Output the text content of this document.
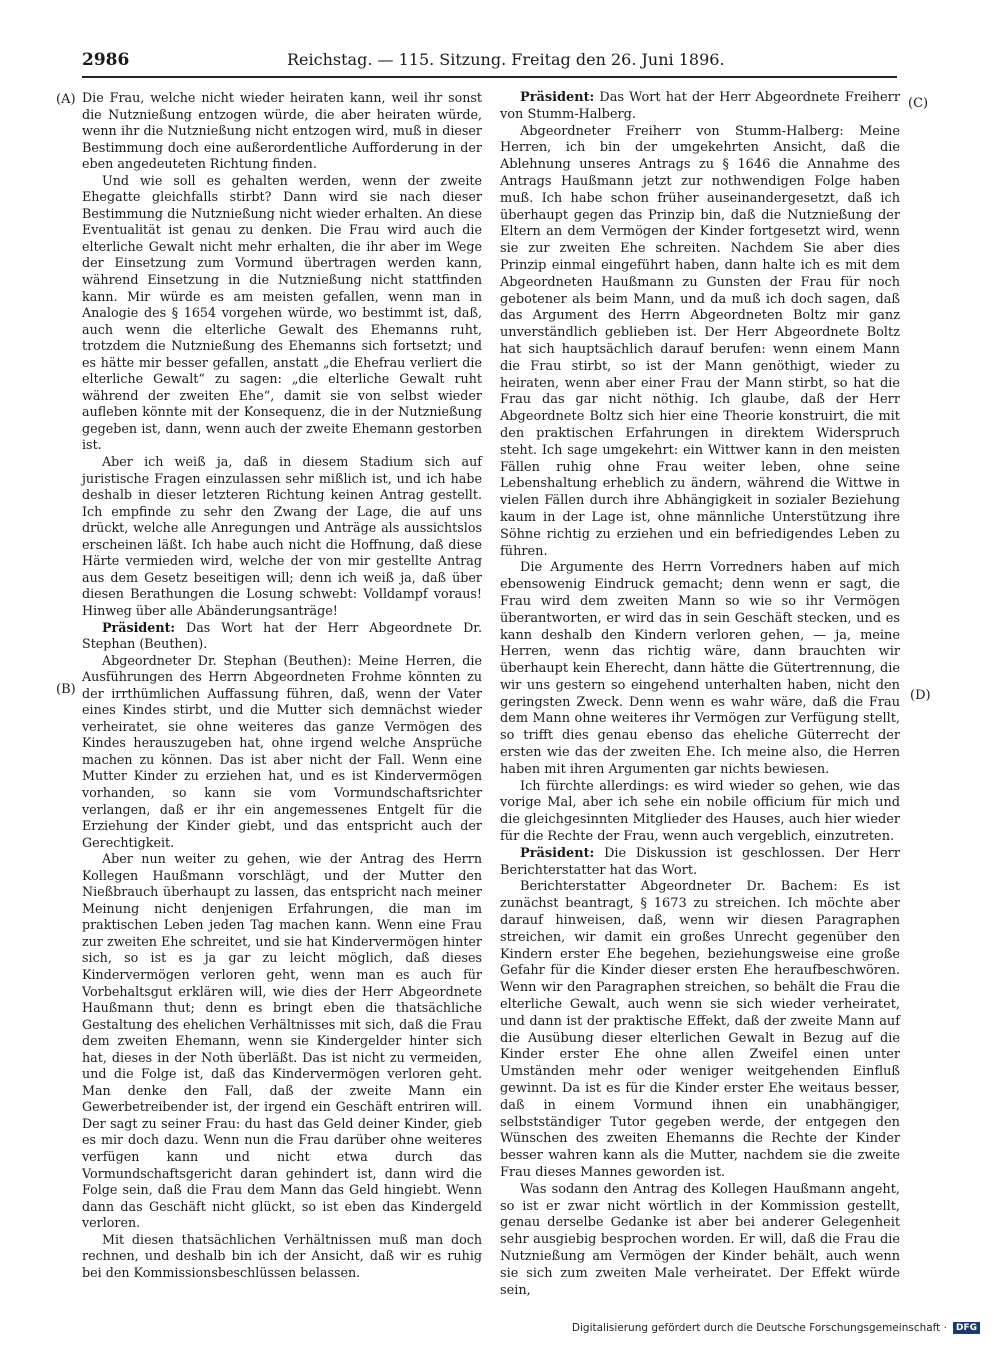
2986	Reichstag. — 115. Sitzung. Freitag den 26. Juni 1896.
(A)
(B)
(C)
(D)

Die Frau, welche nicht wieder heiraten kann, weil ihr sonst die Nutznießung entzogen würde, die aber heiraten würde, wenn ihr die Nutznießung nicht entzogen wird, muß in dieser Bestimmung doch eine außerordentliche Aufforderung in der eben angedeuteten Richtung finden.

Und wie soll es gehalten werden, wenn der zweite Ehegatte gleichfalls stirbt? Dann wird sie nach dieser Bestimmung die Nutznießung nicht wieder erhalten. An diese Eventualität ist genau zu denken. Die Frau wird auch die elterliche Gewalt nicht mehr erhalten, die ihr aber im Wege der Einsetzung zum Vormund übertragen werden kann, während Einsetzung in die Nutznießung nicht stattfinden kann. Mir würde es am meisten gefallen, wenn man in Analogie des § 1654 vorgehen würde, wo bestimmt ist, daß, auch wenn die elterliche Gewalt des Ehemanns ruht, trotzdem die Nutznießung des Ehemanns sich fortsetzt; und es hätte mir besser gefallen, anstatt „die Ehefrau verliert die elterliche Gewalt“ zu sagen: „die elterliche Gewalt ruht während der zweiten Ehe“, damit sie von selbst wieder aufleben könnte mit der Konsequenz, die in der Nutznießung gegeben ist, dann, wenn auch der zweite Ehemann gestorben ist.

Aber ich weiß ja, daß in diesem Stadium sich auf juristische Fragen einzulassen sehr mißlich ist, und ich habe deshalb in dieser letzteren Richtung keinen Antrag gestellt. Ich empfinde zu sehr den Zwang der Lage, die auf uns drückt, welche alle Anregungen und Anträge als aussichtslos erscheinen läßt. Ich habe auch nicht die Hoffnung, daß diese Härte vermieden wird, welche der von mir gestellte Antrag aus dem Gesetz beseitigen will; denn ich weiß ja, daß über diesen Berathungen die Losung schwebt: Volldampf voraus! Hinweg über alle Abänderungsanträge!

Präsident: Das Wort hat der Herr Abgeordnete Dr. Stephan (Beuthen).

Abgeordneter Dr. Stephan (Beuthen): Meine Herren, die Ausführungen des Herrn Abgeordneten Frohme könnten zu der irrthümlichen Auffassung führen, daß, wenn der Vater eines Kindes stirbt, und die Mutter sich demnächst wieder verheiratet, sie ohne weiteres das ganze Vermögen des Kindes herauszugeben hat, ohne irgend welche Ansprüche machen zu können. Das ist aber nicht der Fall. Wenn eine Mutter Kinder zu erziehen hat, und es ist Kindervermögen vorhanden, so kann sie vom Vormundschaftsrichter verlangen, daß er ihr ein angemessenes Entgelt für die Erziehung der Kinder giebt, und das entspricht auch der Gerechtigkeit.

Aber nun weiter zu gehen, wie der Antrag des Herrn Kollegen Haußmann vorschlägt, und der Mutter den Nießbrauch überhaupt zu lassen, das entspricht nach meiner Meinung nicht denjenigen Erfahrungen, die man im praktischen Leben jeden Tag machen kann. Wenn eine Frau zur zweiten Ehe schreitet, und sie hat Kindervermögen hinter sich, so ist es ja gar zu leicht möglich, daß dieses Kindervermögen verloren geht, wenn man es auch für Vorbehaltsgut erklären will, wie dies der Herr Abgeordnete Haußmann thut; denn es bringt eben die thatsächliche Gestaltung des ehelichen Verhältnisses mit sich, daß die Frau dem zweiten Ehemann, wenn sie Kindergelder hinter sich hat, dieses in der Noth überläßt. Das ist nicht zu vermeiden, und die Folge ist, daß das Kindervermögen verloren geht. Man denke den Fall, daß der zweite Mann ein Gewerbetreibender ist, der irgend ein Geschäft entriren will. Der sagt zu seiner Frau: du hast das Geld deiner Kinder, gieb es mir doch dazu. Wenn nun die Frau darüber ohne weiteres verfügen kann und nicht etwa durch das Vormundschaftsgericht daran gehindert ist, dann wird die Folge sein, daß die Frau dem Mann das Geld hingiebt. Wenn dann das Geschäft nicht glückt, so ist eben das Kindergeld verloren.

Mit diesen thatsächlichen Verhältnissen muß man doch rechnen, und deshalb bin ich der Ansicht, daß wir es ruhig bei den Kommissionsbeschlüssen belassen.

Präsident: Das Wort hat der Herr Abgeordnete Freiherr von Stumm-Halberg.

Abgeordneter Freiherr von Stumm-Halberg: Meine Herren, ich bin der umgekehrten Ansicht, daß die Ablehnung unseres Antrags zu § 1646 die Annahme des Antrags Haußmann jetzt zur nothwendigen Folge haben muß. Ich habe schon früher auseinandergesetzt, daß ich überhaupt gegen das Prinzip bin, daß die Nutznießung der Eltern an dem Vermögen der Kinder fortgesetzt wird, wenn sie zur zweiten Ehe schreiten. Nachdem Sie aber dies Prinzip einmal eingeführt haben, dann halte ich es mit dem Abgeordneten Haußmann zu Gunsten der Frau für noch gebotener als beim Mann, und da muß ich doch sagen, daß das Argument des Herrn Abgeordneten Boltz mir ganz unverständlich geblieben ist. Der Herr Abgeordnete Boltz hat sich hauptsächlich darauf berufen: wenn einem Mann die Frau stirbt, so ist der Mann genöthigt, wieder zu heiraten, wenn aber einer Frau der Mann stirbt, so hat die Frau das gar nicht nöthig. Ich glaube, daß der Herr Abgeordnete Boltz sich hier eine Theorie konstruirt, die mit den praktischen Erfahrungen in direktem Widerspruch steht. Ich sage umgekehrt: ein Wittwer kann in den meisten Fällen ruhig ohne Frau weiter leben, ohne seine Lebenshaltung erheblich zu ändern, während die Wittwe in vielen Fällen durch ihre Abhängigkeit in sozialer Beziehung kaum in der Lage ist, ohne männliche Unterstützung ihre Söhne richtig zu erziehen und ein befriedigendes Leben zu führen.

Die Argumente des Herrn Vorredners haben auf mich ebensowenig Eindruck gemacht; denn wenn er sagt, die Frau wird dem zweiten Mann so wie so ihr Vermögen überantworten, er wird das in sein Geschäft stecken, und es kann deshalb den Kindern verloren gehen, — ja, meine Herren, wenn das richtig wäre, dann brauchten wir überhaupt kein Eherecht, dann hätte die Gütertrennung, die wir uns gestern so eingehend unterhalten haben, nicht den geringsten Zweck. Denn wenn es wahr wäre, daß die Frau dem Mann ohne weiteres ihr Vermögen zur Verfügung stellt, so trifft dies genau ebenso das eheliche Güterrecht der ersten wie das der zweiten Ehe. Ich meine also, die Herren haben mit ihren Argumenten gar nichts bewiesen.

Ich fürchte allerdings: es wird wieder so gehen, wie das vorige Mal, aber ich sehe ein nobile officium für mich und die gleichgesinnten Mitglieder des Hauses, auch hier wieder für die Rechte der Frau, wenn auch vergeblich, einzutreten.

Präsident: Die Diskussion ist geschlossen. Der Herr Berichterstatter hat das Wort.

Berichterstatter Abgeordneter Dr. Bachem: Es ist zunächst beantragt, § 1673 zu streichen. Ich möchte aber darauf hinweisen, daß, wenn wir diesen Paragraphen streichen, wir damit ein großes Unrecht gegenüber den Kindern erster Ehe begehen, beziehungsweise eine große Gefahr für die Kinder dieser ersten Ehe heraufbeschwören. Wenn wir den Paragraphen streichen, so behält die Frau die elterliche Gewalt, auch wenn sie sich wieder verheiratet, und dann ist der praktische Effekt, daß der zweite Mann auf die Ausübung dieser elterlichen Gewalt in Bezug auf die Kinder erster Ehe ohne allen Zweifel einen unter Umständen mehr oder weniger weitgehenden Einfluß gewinnt. Da ist es für die Kinder erster Ehe weitaus besser, daß in einem Vormund ihnen ein unabhängiger, selbstständiger Tutor gegeben werde, der entgegen den Wünschen des zweiten Ehemanns die Rechte der Kinder besser wahren kann als die Mutter, nachdem sie die zweite Frau dieses Mannes geworden ist.

Was sodann den Antrag des Kollegen Haußmann angeht, so ist er zwar nicht wörtlich in der Kommission gestellt, genau derselbe Gedanke ist aber bei anderer Gelegenheit sehr ausgiebig besprochen worden. Er will, daß die Frau die Nutznießung am Vermögen der Kinder behält, auch wenn sie sich zum zweiten Male verheiratet. Der Effekt würde sein,

Digitalisierung gefördert durch die Deutsche Forschungsgemeinschaft ·	DFG
